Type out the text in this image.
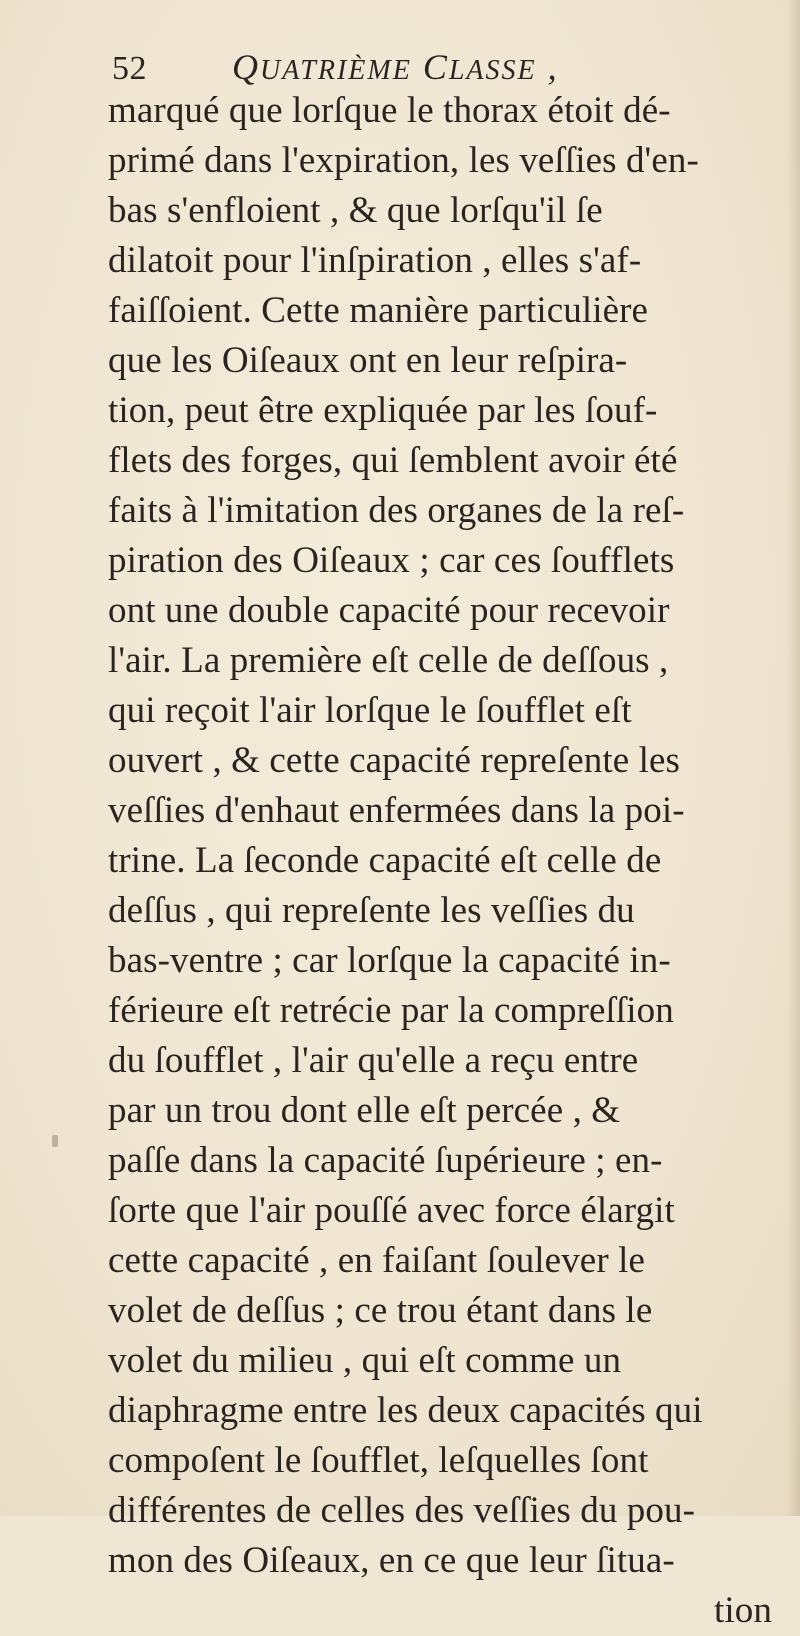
52 QUATRIÈME CLASSE ,
marqué que lorſque le thorax étoit dé-
primé dans l'expiration, les veſſies d'en-
bas s'enfloient , & que lorſqu'il ſe
dilatoit pour l'inſpiration , elles s'af-
faiſſoient. Cette manière particulière
que les Oiſeaux ont en leur reſpira-
tion, peut être expliquée par les ſouf-
flets des forges, qui ſemblent avoir été
faits à l'imitation des organes de la reſ-
piration des Oiſeaux ; car ces ſoufflets
ont une double capacité pour recevoir
l'air. La première eſt celle de deſſous ,
qui reçoit l'air lorſque le ſoufflet eſt
ouvert , & cette capacité repreſente les
veſſies d'enhaut enfermées dans la poi-
trine. La ſeconde capacité eſt celle de
deſſus , qui repreſente les veſſies du
bas-ventre ; car lorſque la capacité in-
férieure eſt retrécie par la compreſſion
du ſoufflet , l'air qu'elle a reçu entre
par un trou dont elle eſt percée , &
paſſe dans la capacité ſupérieure ; en-
ſorte que l'air pouſſé avec force élargit
cette capacité , en faiſant ſoulever le
volet de deſſus ; ce trou étant dans le
volet du milieu , qui eſt comme un
diaphragme entre les deux capacités qui
compoſent le ſoufflet, leſquelles ſont
différentes de celles des veſſies du pou-
mon des Oiſeaux, en ce que leur ſitua-
tion
